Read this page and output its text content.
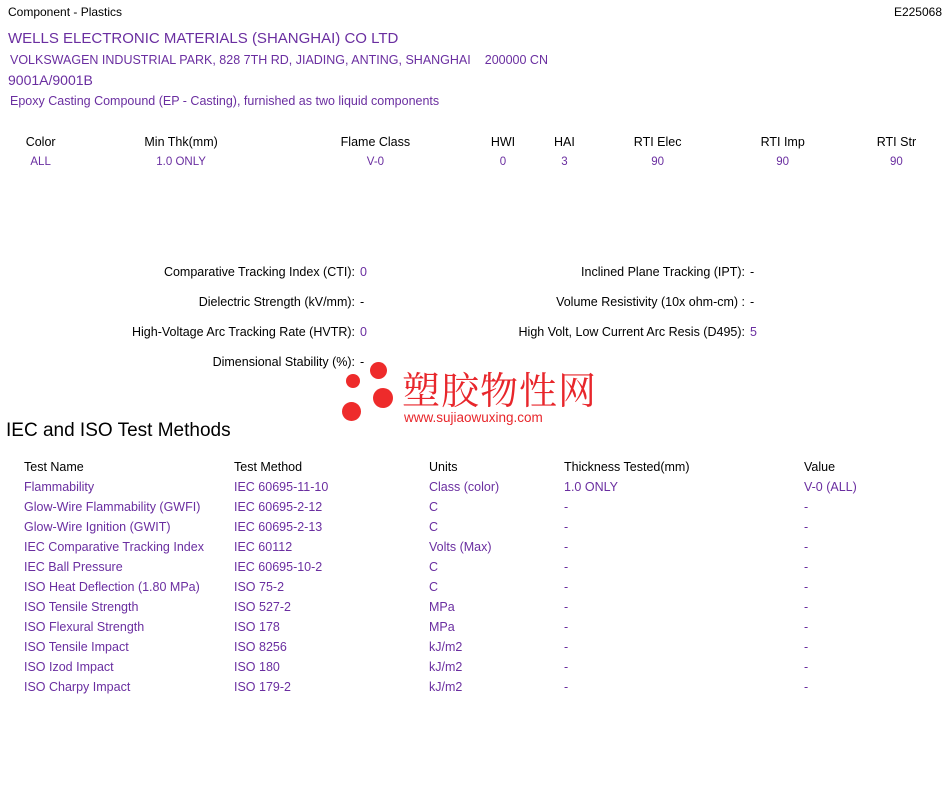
Component - Plastics	E225068
WELLS ELECTRONIC MATERIALS (SHANGHAI) CO LTD
VOLKSWAGEN INDUSTRIAL PARK, 828 7TH RD, JIADING, ANTING, SHANGHAI 200000 CN
9001A/9001B
Epoxy Casting Compound (EP - Casting), furnished as two liquid components
Color	Min Thk(mm)	Flame Class	HWI	HAI	RTI Elec	RTI Imp	RTI Str
ALL	1.0 ONLY	V-0	0	3	90	90	90
Comparative Tracking Index (CTI): 0	Inclined Plane Tracking (IPT): -
Dielectric Strength (kV/mm): -	Volume Resistivity (10x ohm-cm) : -
High-Voltage Arc Tracking Rate (HVTR): 0	High Volt, Low Current Arc Resis (D495): 5
Dimensional Stability (%): -
塑胶物性网
www.sujiaowuxing.com
IEC and ISO Test Methods
Test Name	Test Method	Units	Thickness Tested(mm)	Value
Flammability	IEC 60695-11-10	Class (color)	1.0 ONLY	V-0 (ALL)
Glow-Wire Flammability (GWFI)	IEC 60695-2-12	C	-	-
Glow-Wire Ignition (GWIT)	IEC 60695-2-13	C	-	-
IEC Comparative Tracking Index	IEC 60112	Volts (Max)	-	-
IEC Ball Pressure	IEC 60695-10-2	C	-	-
ISO Heat Deflection (1.80 MPa)	ISO 75-2	C	-	-
ISO Tensile Strength	ISO 527-2	MPa	-	-
ISO Flexural Strength	ISO 178	MPa	-	-
ISO Tensile Impact	ISO 8256	kJ/m2	-	-
ISO Izod Impact	ISO 180	kJ/m2	-	-
ISO Charpy Impact	ISO 179-2	kJ/m2	-	-
